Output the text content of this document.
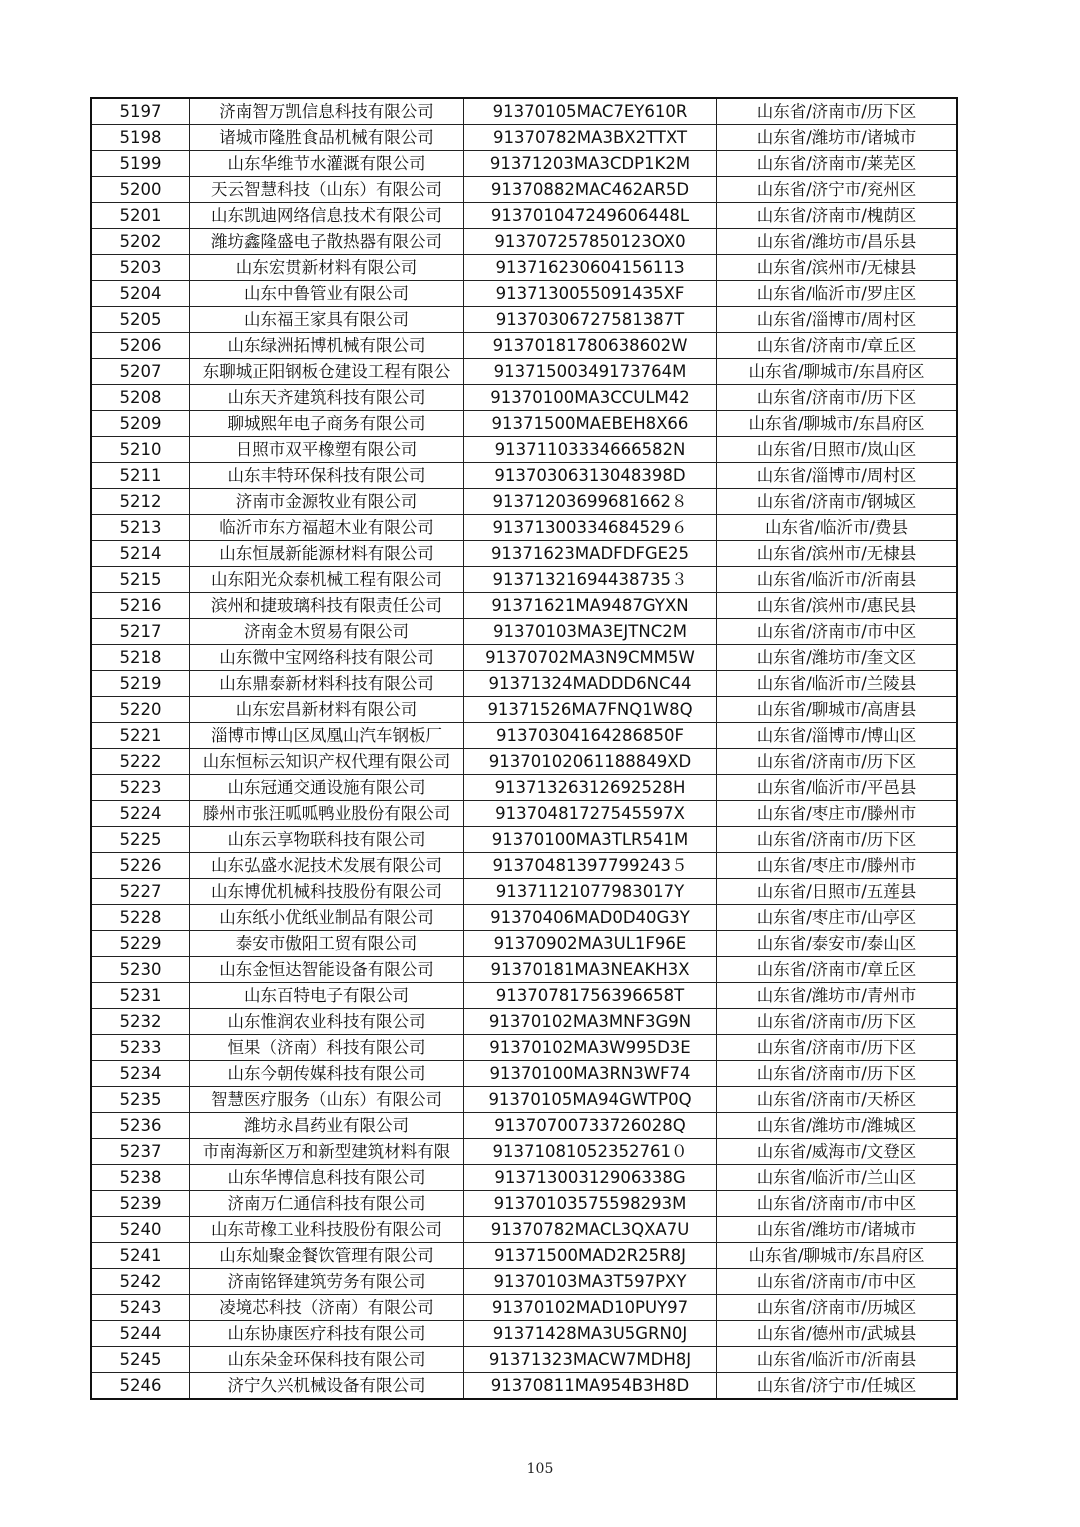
5197	济南智万凯信息科技有限公司	91370105MAC7EY610R	山东省/济南市/历下区
5198	诸城市隆胜食品机械有限公司	91370782MA3BX2TTXT	山东省/潍坊市/诸城市
5199	山东华维节水灌溉有限公司	91371203MA3CDP1K2M	山东省/济南市/莱芜区
5200	天云智慧科技（山东）有限公司	91370882MAC462AR5D	山东省/济宁市/兖州区
5201	山东凯迪网络信息技术有限公司	913701047249606448L	山东省/济南市/槐荫区
5202	潍坊鑫隆盛电子散热器有限公司	913707257850123OX0	山东省/潍坊市/昌乐县
5203	山东宏贯新材料有限公司	91371623060415611З	山东省/滨州市/无棣县
5204	山东中鲁管业有限公司	91371300550914З5XF	山东省/临沂市/罗庄区
5205	山东福王家具有限公司	91370306727581387T	山东省/淄博市/周村区
5206	山东绿洲拓博机械有限公司	91370181780638602W	山东省/济南市/章丘区
5207	东聊城正阳钢板仓建设工程有限公	91371500349173764M	山东省/聊城市/东昌府区
5208	山东天齐建筑科技有限公司	91370100MA3CCULM42	山东省/济南市/历下区
5209	聊城熙年电子商务有限公司	91371500MAEBEH8X66	山东省/聊城市/东昌府区
5210	日照市双平橡塑有限公司	91371103334666582N	山东省/日照市/岚山区
5211	山东丰特环保科技有限公司	91370306313048398D	山东省/淄博市/周村区
5212	济南市金源牧业有限公司	91371203699681662８	山东省/济南市/钢城区
5213	临沂市东方福超木业有限公司	91371300334684529６	山东省/临沂市/费县
5214	山东恒晟新能源材料有限公司	91371623MADFDFGE25	山东省/滨州市/无棣县
5215	山东阳光众泰机械工程有限公司	91371321694438735３	山东省/临沂市/沂南县
5216	滨州和捷玻璃科技有限责任公司	91371621MA9487GYXN	山东省/滨州市/惠民县
5217	济南金木贸易有限公司	91370103MA3EJTNC2M	山东省/济南市/市中区
5218	山东微中宝网络科技有限公司	91370702MA3N9CMM5W	山东省/潍坊市/奎文区
5219	山东鼎泰新材料科技有限公司	91371324MADDD6NC44	山东省/临沂市/兰陵县
5220	山东宏昌新材料有限公司	91371526MA7FNQ1W8Q	山东省/聊城市/高唐县
5221	淄博市博山区凤凰山汽车钢板厂	91370304164286850F	山东省/淄博市/博山区
5222	山东恒标云知识产权代理有限公司	91370102061188849XD	山东省/济南市/历下区
5223	山东冠通交通设施有限公司	91371326312692528H	山东省/临沂市/平邑县
5224	滕州市张汪呱呱鸭业股份有限公司	91370481727545597X	山东省/枣庄市/滕州市
5225	山东云享物联科技有限公司	91370100MA3TLR541M	山东省/济南市/历下区
5226	山东弘盛水泥技术发展有限公司	91370481397799243５	山东省/枣庄市/滕州市
5227	山东博优机械科技股份有限公司	91371121077983017Y	山东省/日照市/五莲县
5228	山东纸小优纸业制品有限公司	91370406MAD0D40G3Y	山东省/枣庄市/山亭区
5229	泰安市傲阳工贸有限公司	91370902MA3UL1F96E	山东省/泰安市/泰山区
5230	山东金恒达智能设备有限公司	91370181MA3NEAKH3X	山东省/济南市/章丘区
5231	山东百特电子有限公司	91370781756396658T	山东省/潍坊市/青州市
5232	山东惟润农业科技有限公司	91370102MA3MNF3G9N	山东省/济南市/历下区
5233	恒果（济南）科技有限公司	91370102MA3W995D3E	山东省/济南市/历下区
5234	山东今朝传媒科技有限公司	91370100MA3RN3WF74	山东省/济南市/历下区
5235	智慧医疗服务（山东）有限公司	91370105MA94GWTP0Q	山东省/济南市/天桥区
5236	潍坊永昌药业有限公司	91370700733726028Q	山东省/潍坊市/潍城区
5237	市南海新区万和新型建筑材料有限	91371081052352761０	山东省/威海市/文登区
5238	山东华博信息科技有限公司	91371300312906338G	山东省/临沂市/兰山区
5239	济南万仁通信科技有限公司	91370103575598293M	山东省/济南市/市中区
5240	山东苛橡工业科技股份有限公司	91370782MACL3QXA7U	山东省/潍坊市/诸城市
5241	山东灿聚金餐饮管理有限公司	91371500MAD2R25R8J	山东省/聊城市/东昌府区
5242	济南铭铎建筑劳务有限公司	91370103MA3T597PXY	山东省/济南市/市中区
5243	凌境芯科技（济南）有限公司	91370102MAD10PUY97	山东省/济南市/历城区
5244	山东协康医疗科技有限公司	91371428MA3U5GRN0J	山东省/德州市/武城县
5245	山东朵金环保科技有限公司	91371323MACW7MDH8J	山东省/临沂市/沂南县
5246	济宁久兴机械设备有限公司	91370811MA954B3H8D	山东省/济宁市/任城区
105
